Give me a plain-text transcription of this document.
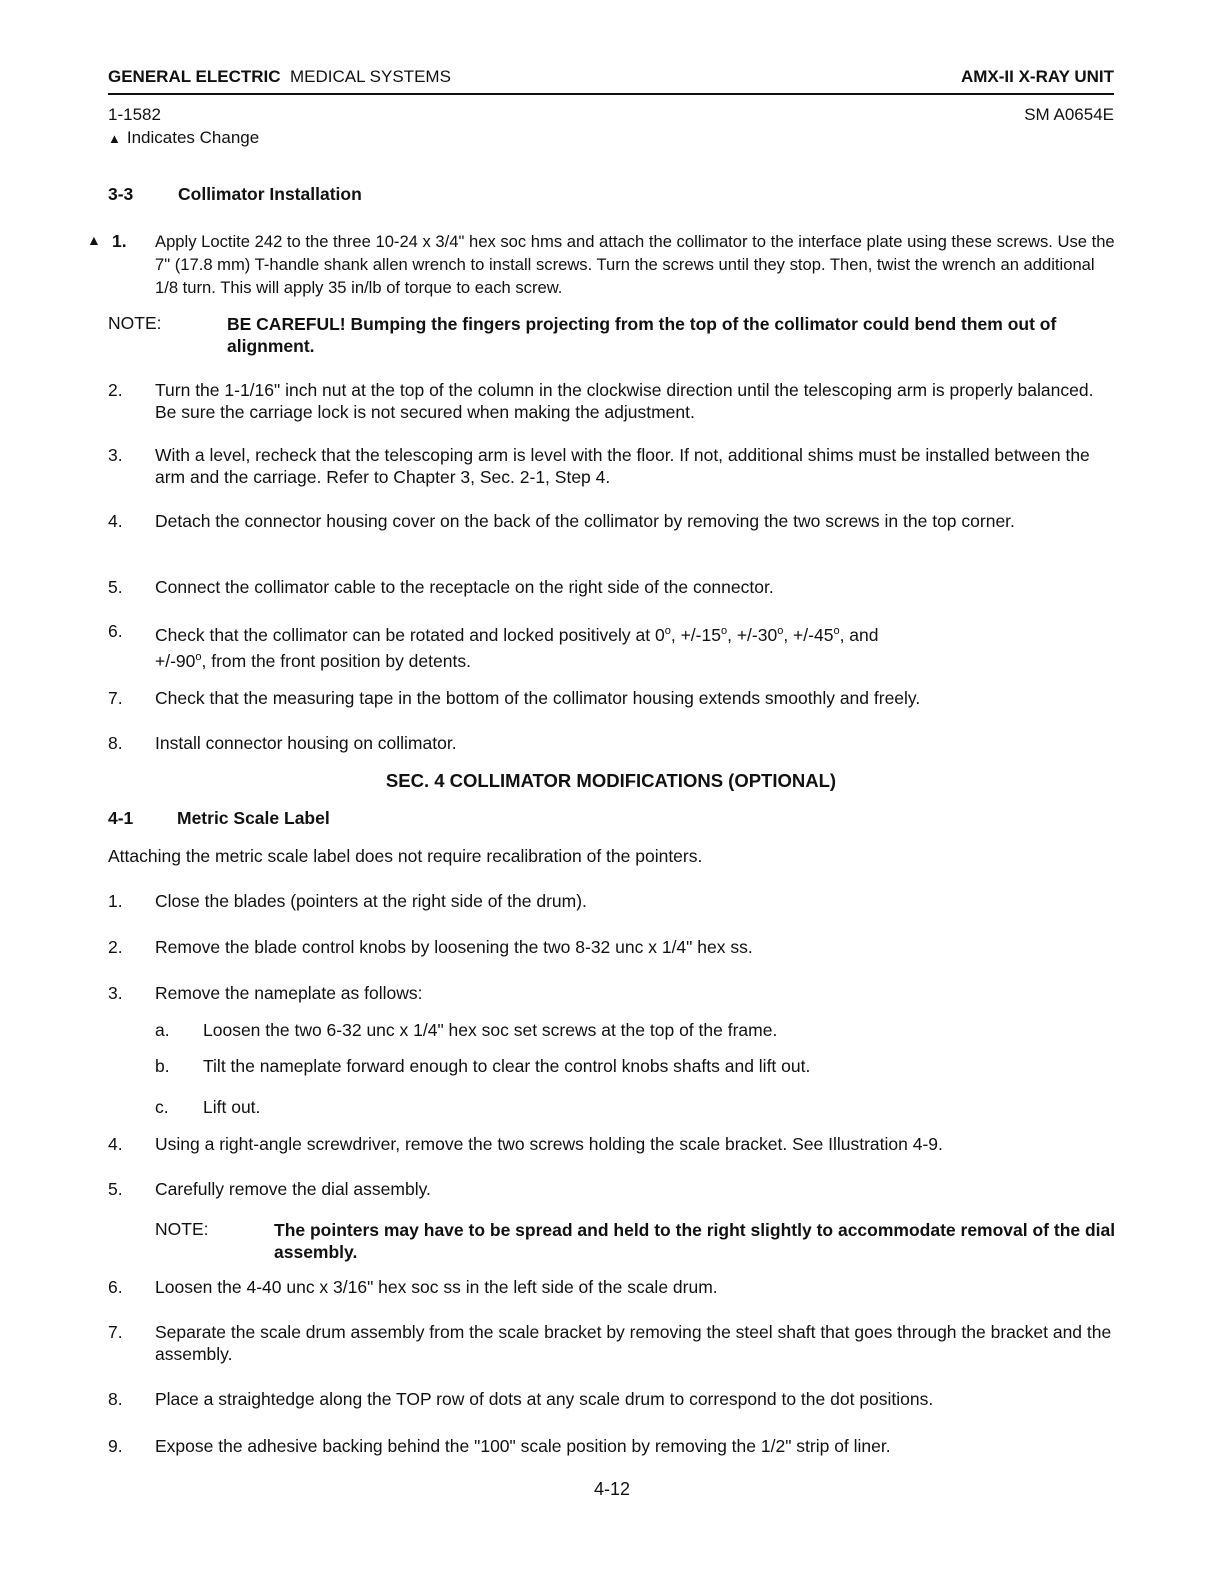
GENERAL ELECTRIC MEDICAL SYSTEMS	AMX-II X-RAY UNIT
1-1582	SM A0654E
▲ Indicates Change
3-3	Collimator Installation
▲ 1. Apply Loctite 242 to the three 10-24 x 3/4" hex soc hms and attach the collimator to the interface plate using these screws. Use the 7" (17.8 mm) T-handle shank allen wrench to install screws. Turn the screws until they stop. Then, twist the wrench an additional 1/8 turn. This will apply 35 in/lb of torque to each screw.
NOTE:	BE CAREFUL! Bumping the fingers projecting from the top of the collimator could bend them out of alignment.
2. Turn the 1-1/16" inch nut at the top of the column in the clockwise direction until the telescoping arm is properly balanced. Be sure the carriage lock is not secured when making the adjustment.
3. With a level, recheck that the telescoping arm is level with the floor. If not, additional shims must be installed between the arm and the carriage. Refer to Chapter 3, Sec. 2-1, Step 4.
4. Detach the connector housing cover on the back of the collimator by removing the two screws in the top corner.
5. Connect the collimator cable to the receptacle on the right side of the connector.
6. Check that the collimator can be rotated and locked positively at $0^o$, $+/-15^o$, $+/-30^o$, $+/-45^o$, and
$+/-90^o$, from the front position by detents.
7. Check that the measuring tape in the bottom of the collimator housing extends smoothly and freely.
8. Install connector housing on collimator.
SEC. 4 COLLIMATOR MODIFICATIONS (OPTIONAL)
4-1 Metric Scale Label
Attaching the metric scale label does not require recalibration of the pointers.
1. Close the blades (pointers at the right side of the drum).
2. Remove the blade control knobs by loosening the two 8-32 unc x 1/4" hex ss.
3. Remove the nameplate as follows:
a. Loosen the two 6-32 unc x 1/4" hex soc set screws at the top of the frame.
b. Tilt the nameplate forward enough to clear the control knobs shafts and lift out.
c. Lift out.
4. Using a right-angle screwdriver, remove the two screws holding the scale bracket. See Illustration 4-9.
5. Carefully remove the dial assembly.
NOTE:	The pointers may have to be spread and held to the right slightly to accommodate removal of the dial assembly.
6. Loosen the 4-40 unc x 3/16" hex soc ss in the left side of the scale drum.
7. Separate the scale drum assembly from the scale bracket by removing the steel shaft that goes through the bracket and the assembly.
8. Place a straightedge along the TOP row of dots at any scale drum to correspond to the dot positions.
9. Expose the adhesive backing behind the "100" scale position by removing the 1/2" strip of liner.
4-12
